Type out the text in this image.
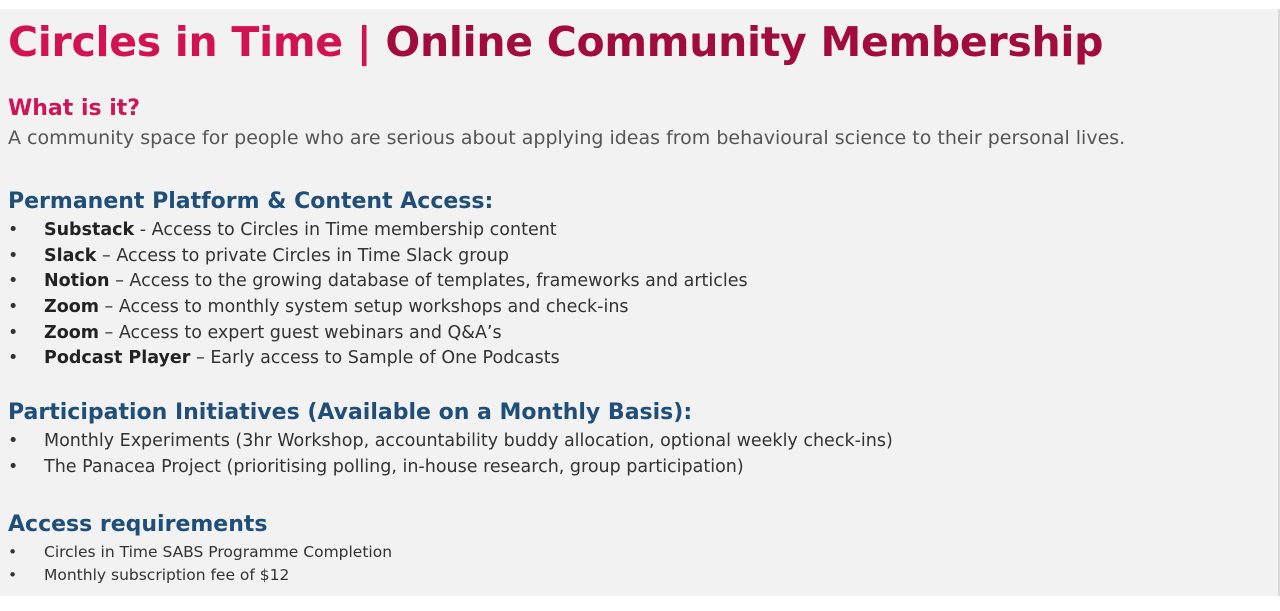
Circles in Time | Online Community Membership
What is it?

A community space for people who are serious about applying ideas from behavioural science to their personal lives.

Permanent Platform & Content Access:
• Substack - Access to Circles in Time membership content
• Slack – Access to private Circles in Time Slack group
• Notion – Access to the growing database of templates, frameworks and articles
• Zoom – Access to monthly system setup workshops and check-ins
• Zoom – Access to expert guest webinars and Q&A’s
• Podcast Player – Early access to Sample of One Podcasts
Participation Initiatives (Available on a Monthly Basis):
• Monthly Experiments (3hr Workshop, accountability buddy allocation, optional weekly check-ins)
• The Panacea Project (prioritising polling, in-house research, group participation)
Access requirements
• Circles in Time SABS Programme Completion
• Monthly subscription fee of $12
